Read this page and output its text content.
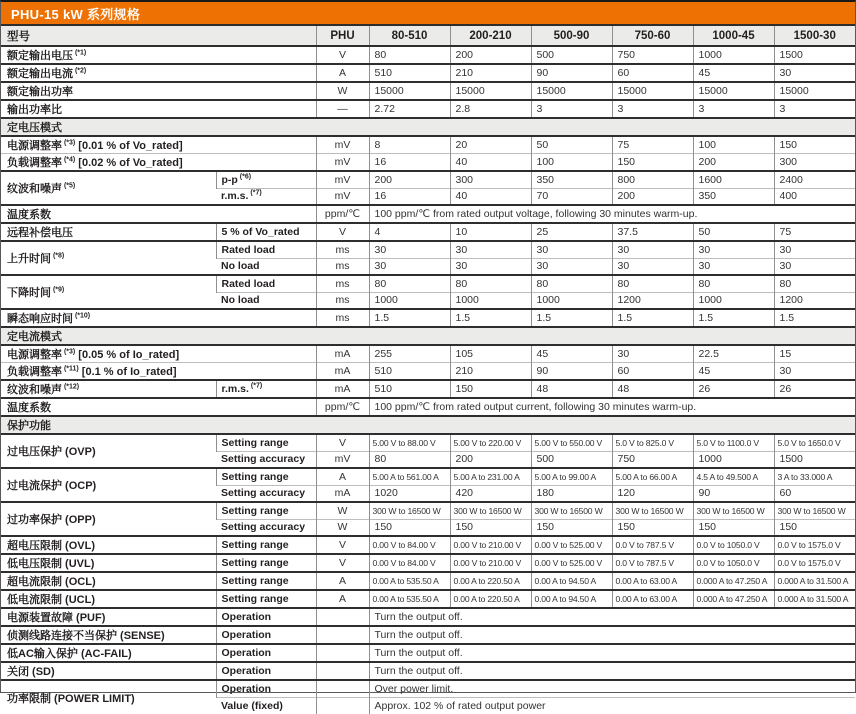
PHU-15 kW 系列规格
型号		PHU	80-510	200-210	500-90	750-60	1000-45	1500-30
额定输出电压 $^{(*1)}$		V	80	200	500	750	1000	1500
额定输出电流 $^{(*2)}$		A	510	210	90	60	45	30
额定输出功率		W	15000	15000	15000	15000	15000	15000
输出功率比		—	2.72	2.8	3	3	3	3
定电压模式								
电源调整率 $^{(*3)}$ [0.01 % of Vo_rated]		mV	8	20	50	75	100	150
负载调整率 $^{(*4)}$ [0.02 % of Vo_rated]		mV	16	40	100	150	200	300
纹波和噪声 $^{(*5)}$	p-p $^{(*6)}$	mV	200	300	350	800	1600	2400
	r.m.s. $^{(*7)}$	mV	16	40	70	200	350	400
温度系数		ppm/℃	100 ppm/℃ from rated output voltage, following 30 minutes warm-up.					
远程补偿电压	5 % of Vo_rated	V	4	10	25	37.5	50	75
上升时间 $^{(*8)}$	Rated load	ms	30	30	30	30	30	30
	No load	ms	30	30	30	30	30	30
下降时间 $^{(*9)}$	Rated load	ms	80	80	80	80	80	80
	No load	ms	1000	1000	1000	1200	1000	1200
瞬态响应时间 $^{(*10)}$		ms	1.5	1.5	1.5	1.5	1.5	1.5
定电流模式								
电源调整率 $^{(*3)}$ [0.05 % of Io_rated]		mA	255	105	45	30	22.5	15
负载调整率 $^{(*11)}$ [0.1 % of Io_rated]		mA	510	210	90	60	45	30
纹波和噪声 $^{(*12)}$	r.m.s. $^{(*7)}$	mA	510	150	48	48	26	26
温度系数		ppm/℃	100 ppm/℃ from rated output current, following 30 minutes warm-up.					
保护功能								
过电压保护 (OVP)	Setting range	V	5.00 V to 88.00 V	5.00 V to 220.00 V	5.00 V to 550.00 V	5.0 V to 825.0 V	5.0 V to 1100.0 V	5.0 V to 1650.0 V
	Setting accuracy	mV	80	200	500	750	1000	1500
过电流保护 (OCP)	Setting range	A	5.00 A to 561.00 A	5.00 A to 231.00 A	5.00 A to 99.00 A	5.00 A to 66.00 A	4.5 A to 49.500 A	3 A to 33.000 A
	Setting accuracy	mA	1020	420	180	120	90	60
过功率保护 (OPP)	Setting range	W	300 W to 16500 W	300 W to 16500 W	300 W to 16500 W	300 W to 16500 W	300 W to 16500 W	300 W to 16500 W
	Setting accuracy	W	150	150	150	150	150	150
超电压限制 (OVL)	Setting range	V	0.00 V to 84.00 V	0.00 V to 210.00 V	0.00 V to 525.00 V	0.0 V to 787.5 V	0.0 V to 1050.0 V	0.0 V to 1575.0 V
低电压限制 (UVL)	Setting range	V	0.00 V to 84.00 V	0.00 V to 210.00 V	0.00 V to 525.00 V	0.0 V to 787.5 V	0.0 V to 1050.0 V	0.0 V to 1575.0 V
超电流限制 (OCL)	Setting range	A	0.00 A to 535.50 A	0.00 A to 220.50 A	0.00 A to 94.50 A	0.00 A to 63.00 A	0.000 A to 47.250 A	0.000 A to 31.500 A
低电流限制 (UCL)	Setting range	A	0.00 A to 535.50 A	0.00 A to 220.50 A	0.00 A to 94.50 A	0.00 A to 63.00 A	0.000 A to 47.250 A	0.000 A to 31.500 A
电源装置故障 (PUF)	Operation		Turn the output off.					
侦测线路连接不当保护 (SENSE)	Operation		Turn the output off.					
低AC输入保护 (AC-FAIL)	Operation		Turn the output off.					
关闭 (SD)	Operation		Turn the output off.					
功率限制 (POWER LIMIT)	Operation		Over power limit.					
	Value (fixed)		Approx. 102 % of rated output power					
